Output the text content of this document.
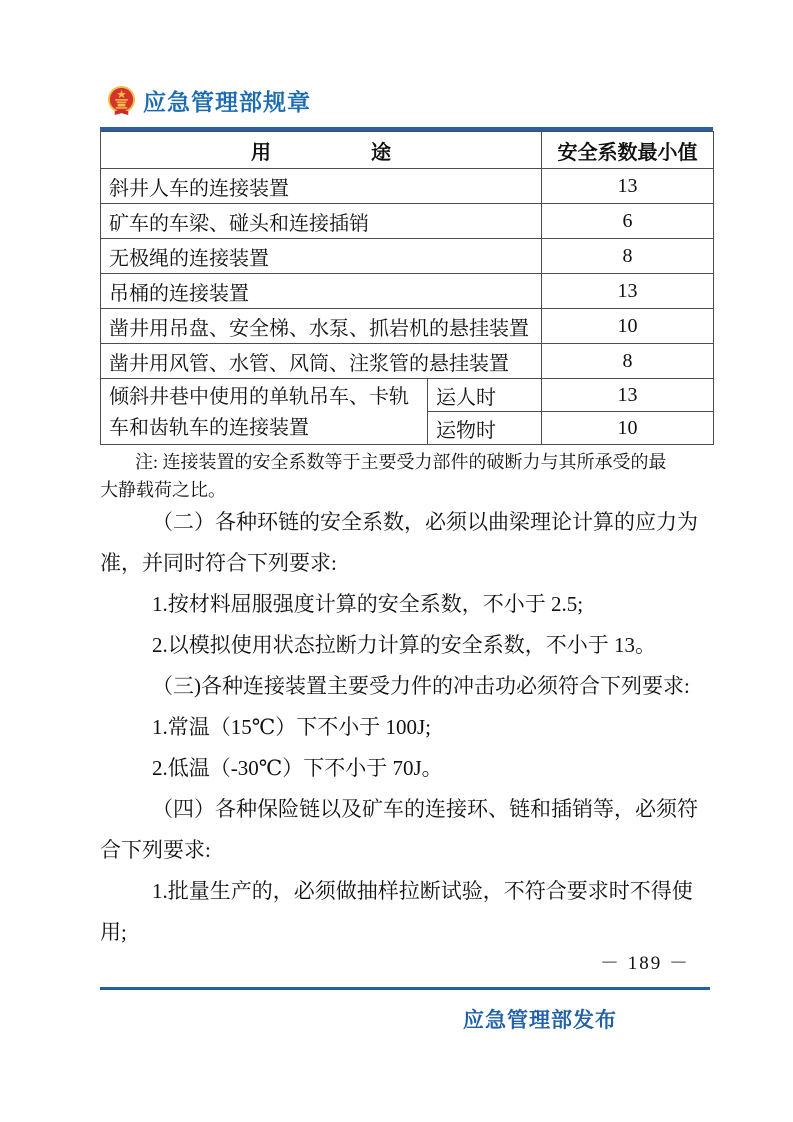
应急管理部规章
用　　　　　途		安全系数最小值
斜井人车的连接装置		13
矿车的车梁、碰头和连接插销		6
无极绳的连接装置		8
吊桶的连接装置		13
凿井用吊盘、安全梯、水泵、抓岩机的悬挂装置		10
凿井用风管、水管、风筒、注浆管的悬挂装置		8
倾斜井巷中使用的单轨吊车、卡轨车和齿轨车的连接装置	运人时	13
	运物时	10
注: 连接装置的安全系数等于主要受力部件的破断力与其所承受的最
大静载荷之比。
（二）各种环链的安全系数，必须以曲梁理论计算的应力为
准，并同时符合下列要求:
1.按材料屈服强度计算的安全系数，不小于 2.5;
2.以模拟使用状态拉断力计算的安全系数，不小于 13。
（三)各种连接装置主要受力件的冲击功必须符合下列要求:
1.常温（15℃）下不小于 100J;
2.低温（-30℃）下不小于 70J。
（四）各种保险链以及矿车的连接环、链和插销等，必须符
合下列要求:
1.批量生产的，必须做抽样拉断试验，不符合要求时不得使
用;
－ 189 －
应急管理部发布
